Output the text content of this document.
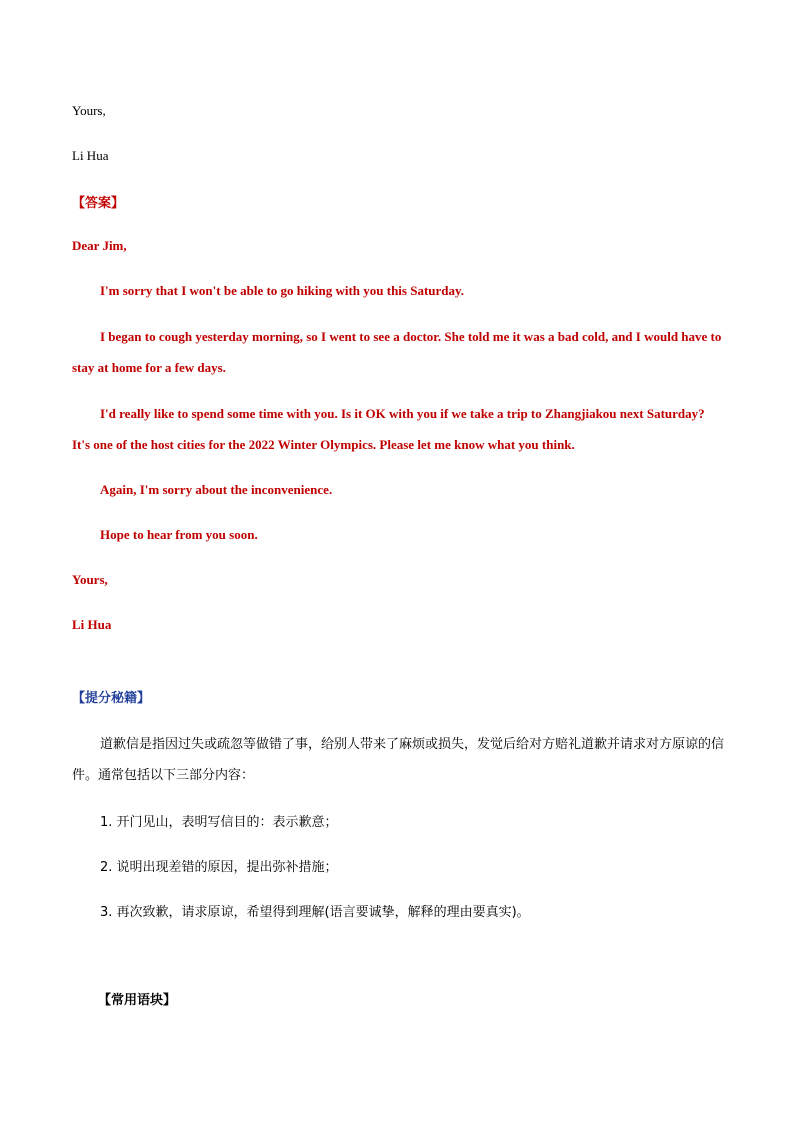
Yours,
Li Hua
【答案】
Dear Jim,
I'm sorry that I won't be able to go hiking with you this Saturday.
I began to cough yesterday morning, so I went to see a doctor. She told me it was a bad cold, and I would have to stay at home for a few days.
I'd really like to spend some time with you. Is it OK with you if we take a trip to Zhangjiakou next Saturday? It's one of the host cities for the 2022 Winter Olympics. Please let me know what you think.
Again, I'm sorry about the inconvenience.
Hope to hear from you soon.
Yours,
Li Hua
【提分秘籍】
道歉信是指因过失或疏忽等做错了事，给别人带来了麻烦或损失，发觉后给对方赔礼道歉并请求对方原谅的信件。通常包括以下三部分内容：
1. 开门见山，表明写信目的：表示歉意；
2. 说明出现差错的原因，提出弥补措施；
3. 再次致歉，请求原谅，希望得到理解(语言要诚挚，解释的理由要真实)。
【常用语块】
